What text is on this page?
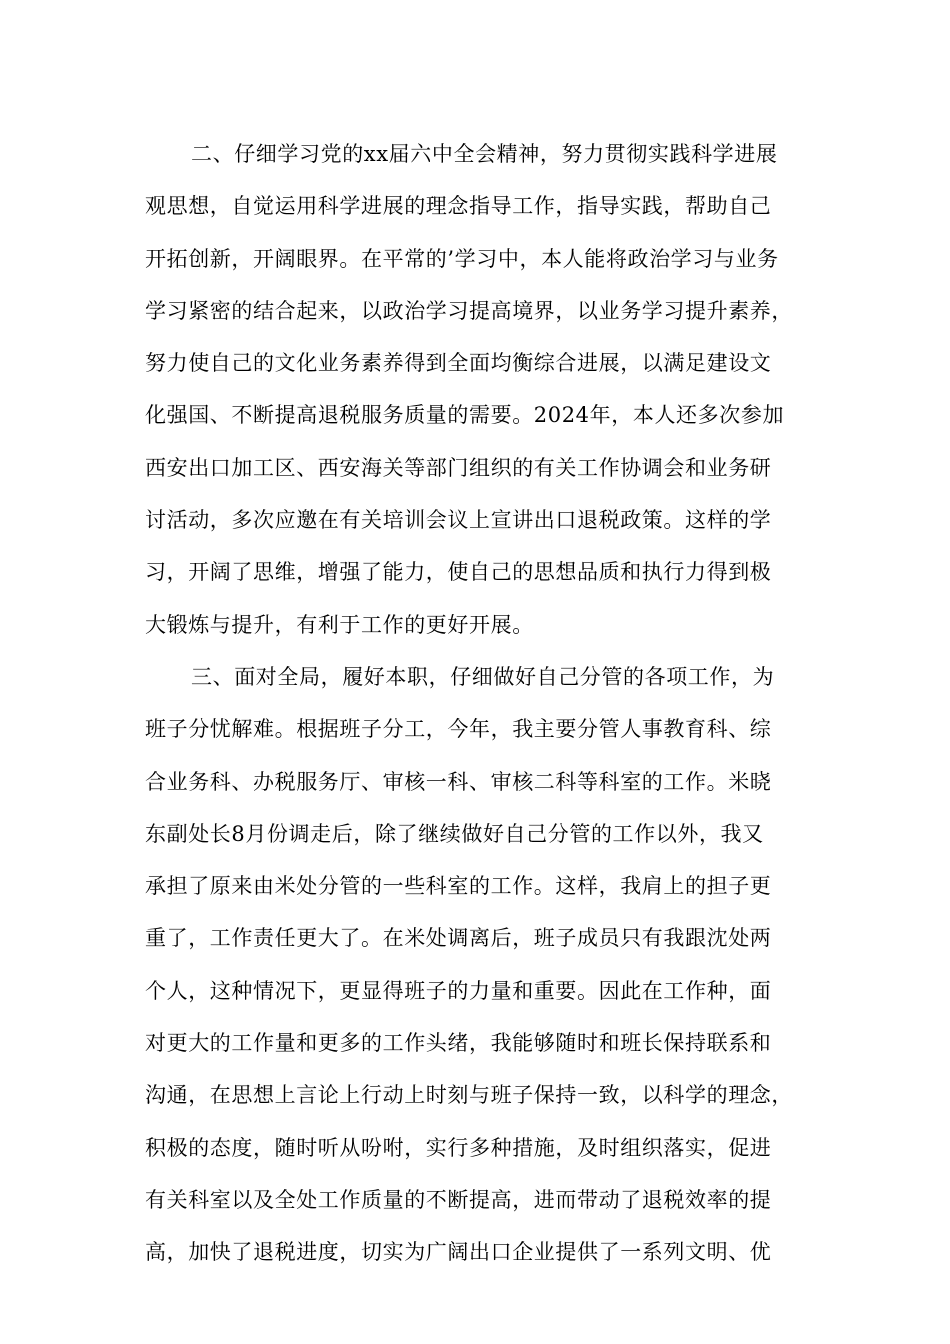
二、仔细学习党的xx届六中全会精神，努力贯彻实践科学进展
观思想，自觉运用科学进展的理念指导工作，指导实践，帮助自己
开拓创新，开阔眼界。在平常的’学习中，本人能将政治学习与业务
学习紧密的结合起来，以政治学习提高境界，以业务学习提升素养，
努力使自己的文化业务素养得到全面均衡综合进展，以满足建设文
化强国、不断提高退税服务质量的需要。2024年，本人还多次参加
西安出口加工区、西安海关等部门组织的有关工作协调会和业务研
讨活动，多次应邀在有关培训会议上宣讲出口退税政策。这样的学
习，开阔了思维，增强了能力，使自己的思想品质和执行力得到极
大锻炼与提升，有利于工作的更好开展。
三、面对全局，履好本职，仔细做好自己分管的各项工作，为
班子分忧解难。根据班子分工，今年，我主要分管人事教育科、综
合业务科、办税服务厅、审核一科、审核二科等科室的工作。米晓
东副处长8月份调走后，除了继续做好自己分管的工作以外，我又
承担了原来由米处分管的一些科室的工作。这样，我肩上的担子更
重了，工作责任更大了。在米处调离后，班子成员只有我跟沈处两
个人，这种情况下，更显得班子的力量和重要。因此在工作种，面
对更大的工作量和更多的工作头绪，我能够随时和班长保持联系和
沟通，在思想上言论上行动上时刻与班子保持一致，以科学的理念，
积极的态度，随时听从吩咐，实行多种措施，及时组织落实，促进
有关科室以及全处工作质量的不断提高，进而带动了退税效率的提
高，加快了退税进度，切实为广阔出口企业提供了一系列文明、优
